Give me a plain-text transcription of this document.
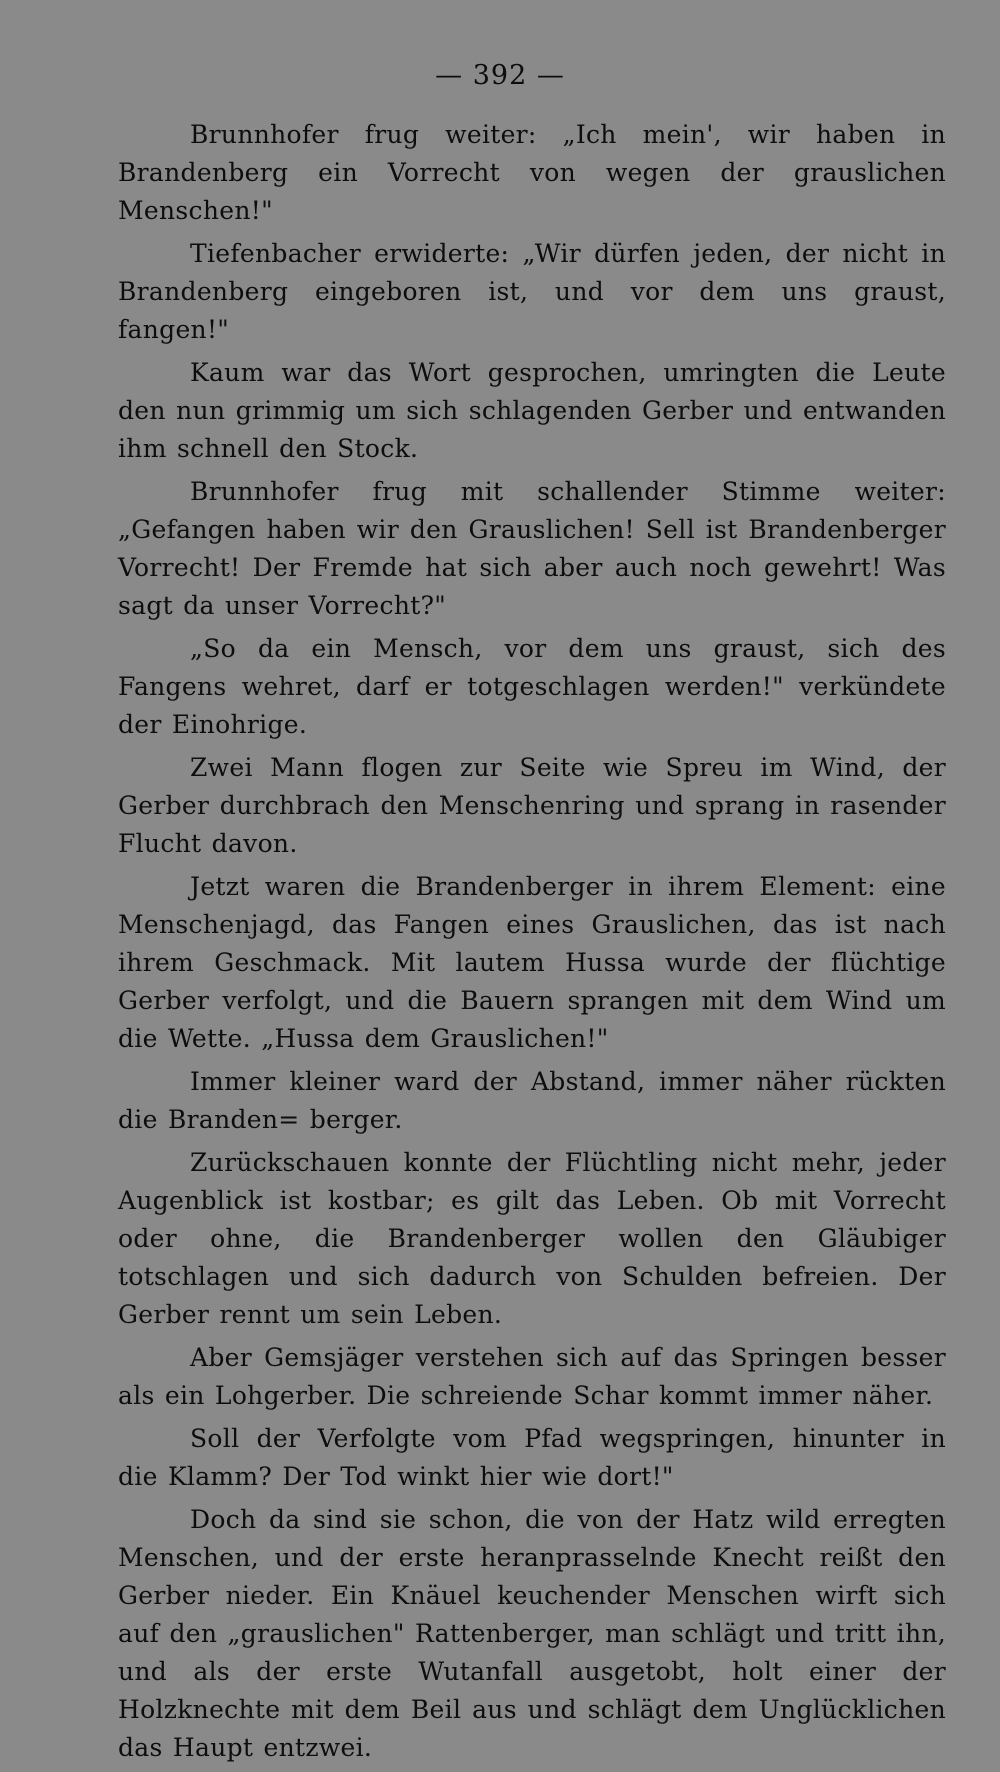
— 392 —

Brunnhofer frug weiter: „Ich mein', wir haben in Brandenberg ein Vorrecht von wegen der grauslichen Menschen!"

Tiefenbacher erwiderte: „Wir dürfen jeden, der nicht in Brandenberg eingeboren ist, und vor dem uns graust, fangen!"

Kaum war das Wort gesprochen, umringten die Leute den nun grimmig um sich schlagenden Gerber und entwanden ihm schnell den Stock.

Brunnhofer frug mit schallender Stimme weiter: „Gefangen haben wir den Grauslichen! Sell ist Brandenberger Vorrecht! Der Fremde hat sich aber auch noch gewehrt! Was sagt da unser Vorrecht?"

„So da ein Mensch, vor dem uns graust, sich des Fangens wehret, darf er totgeschlagen werden!" verkündete der Einohrige.

Zwei Mann flogen zur Seite wie Spreu im Wind, der Gerber durchbrach den Menschenring und sprang in rasender Flucht davon.

Jetzt waren die Brandenberger in ihrem Element: eine Menschenjagd, das Fangen eines Grauslichen, das ist nach ihrem Geschmack. Mit lautem Hussa wurde der flüchtige Gerber verfolgt, und die Bauern sprangen mit dem Wind um die Wette. „Hussa dem Grauslichen!"

Immer kleiner ward der Abstand, immer näher rückten die Branden= berger.

Zurückschauen konnte der Flüchtling nicht mehr, jeder Augenblick ist kostbar; es gilt das Leben. Ob mit Vorrecht oder ohne, die Brandenberger wollen den Gläubiger totschlagen und sich dadurch von Schulden befreien. Der Gerber rennt um sein Leben.

Aber Gemsjäger verstehen sich auf das Springen besser als ein Lohgerber. Die schreiende Schar kommt immer näher.

Soll der Verfolgte vom Pfad wegspringen, hinunter in die Klamm? Der Tod winkt hier wie dort!"

Doch da sind sie schon, die von der Hatz wild erregten Menschen, und der erste heranprasselnde Knecht reißt den Gerber nieder. Ein Knäuel keuchender Menschen wirft sich auf den „grauslichen" Rattenberger, man schlägt und tritt ihn, und als der erste Wutanfall ausgetobt, holt einer der Holzknechte mit dem Beil aus und schlägt dem Unglücklichen das Haupt entzwei.
